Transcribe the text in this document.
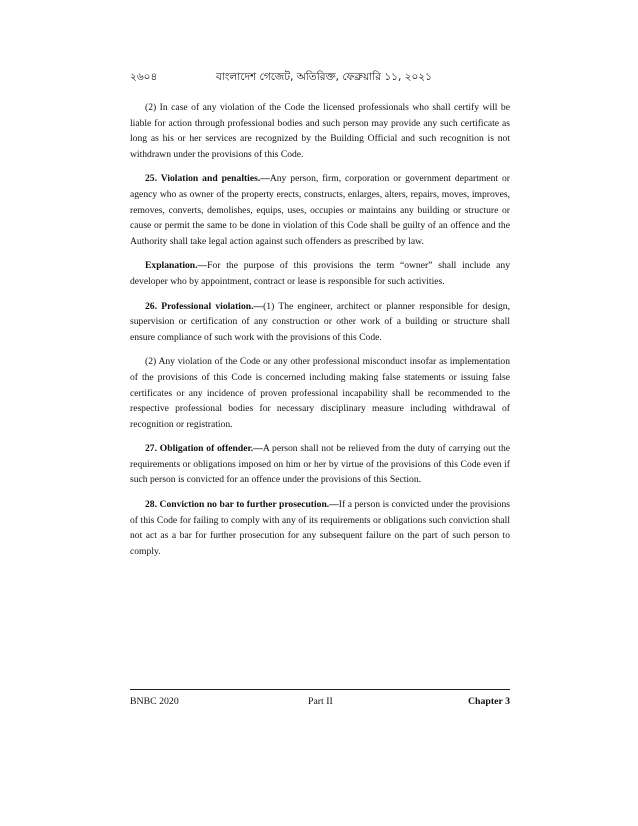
২৬০৪	বাংলাদেশ গেজেট, অতিরিক্ত, ফেব্রুয়ারি ১১, ২০২১

(2) In case of any violation of the Code the licensed professionals who shall certify will be liable for action through professional bodies and such person may provide any such certificate as long as his or her services are recognized by the Building Official and such recognition is not withdrawn under the provisions of this Code.

25. Violation and penalties.—Any person, firm, corporation or government department or agency who as owner of the property erects, constructs, enlarges, alters, repairs, moves, improves, removes, converts, demolishes, equips, uses, occupies or maintains any building or structure or cause or permit the same to be done in violation of this Code shall be guilty of an offence and the Authority shall take legal action against such offenders as prescribed by law.

Explanation.—For the purpose of this provisions the term “owner” shall include any developer who by appointment, contract or lease is responsible for such activities.

26. Professional violation.—(1) The engineer, architect or planner responsible for design, supervision or certification of any construction or other work of a building or structure shall ensure compliance of such work with the provisions of this Code.

(2) Any violation of the Code or any other professional misconduct insofar as implementation of the provisions of this Code is concerned including making false statements or issuing false certificates or any incidence of proven professional incapability shall be recommended to the respective professional bodies for necessary disciplinary measure including withdrawal of recognition or registration.

27. Obligation of offender.—A person shall not be relieved from the duty of carrying out the requirements or obligations imposed on him or her by virtue of the provisions of this Code even if such person is convicted for an offence under the provisions of this Section.

28. Conviction no bar to further prosecution.—If a person is convicted under the provisions of this Code for failing to comply with any of its requirements or obligations such conviction shall not act as a bar for further prosecution for any subsequent failure on the part of such person to comply.

BNBC 2020	Part II	Chapter 3
